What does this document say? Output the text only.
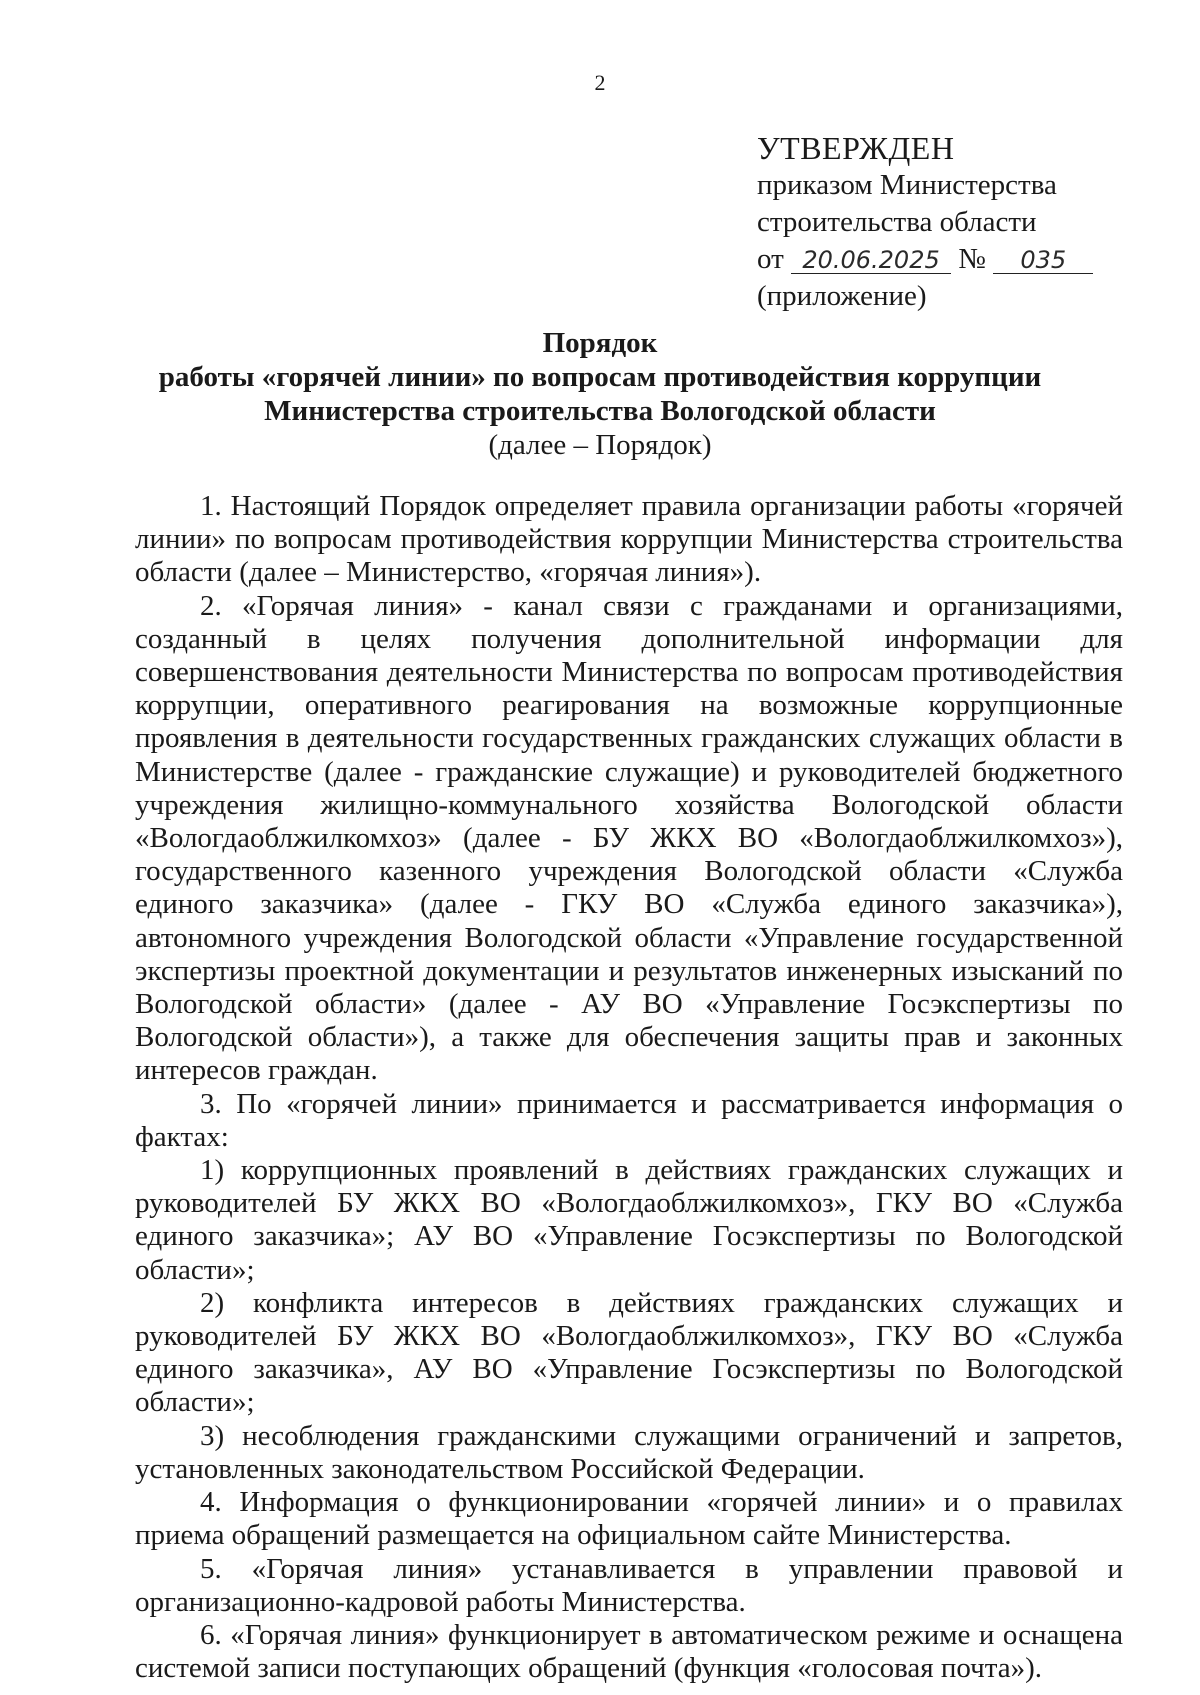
2
УТВЕРЖДЕН
приказом Министерства
строительства области
от 20.06.2025 № 035
(приложение)
Порядок
работы «горячей линии» по вопросам противодействия коррупции
Министерства строительства Вологодской области
(далее – Порядок)

1. Настоящий Порядок определяет правила организации работы «горячей линии» по вопросам противодействия коррупции Министерства строительства области (далее – Министерство, «горячая линия»).

2. «Горячая линия» - канал связи с гражданами и организациями, созданный в целях получения дополнительной информации для совершенствования деятельности Министерства по вопросам противодействия коррупции, оперативного реагирования на возможные коррупционные проявления в деятельности государственных гражданских служащих области в Министерстве (далее - гражданские служащие) и руководителей бюджетного учреждения жилищно-коммунального хозяйства Вологодской области «Вологдаоблжилкомхоз» (далее - БУ ЖКХ ВО «Вологдаоблжилкомхоз»), государственного казенного учреждения Вологодской области «Служба единого заказчика» (далее - ГКУ ВО «Служба единого заказчика»), автономного учреждения Вологодской области «Управление государственной экспертизы проектной документации и результатов инженерных изысканий по Вологодской области» (далее - АУ ВО «Управление Госэкспертизы по Вологодской области»), а также для обеспечения защиты прав и законных интересов граждан.

3. По «горячей линии» принимается и рассматривается информация о фактах:

1) коррупционных проявлений в действиях гражданских служащих и руководителей БУ ЖКХ ВО «Вологдаоблжилкомхоз», ГКУ ВО «Служба единого заказчика»; АУ ВО «Управление Госэкспертизы по Вологодской области»;

2) конфликта интересов в действиях гражданских служащих и руководителей БУ ЖКХ ВО «Вологдаоблжилкомхоз», ГКУ ВО «Служба единого заказчика», АУ ВО «Управление Госэкспертизы по Вологодской области»;

3) несоблюдения гражданскими служащими ограничений и запретов, установленных законодательством Российской Федерации.

4. Информация о функционировании «горячей линии» и о правилах приема обращений размещается на официальном сайте Министерства.

5. «Горячая линия» устанавливается в управлении правовой и организационно-кадровой работы Министерства.

6. «Горячая линия» функционирует в автоматическом режиме и оснащена системой записи поступающих обращений (функция «голосовая почта»).
